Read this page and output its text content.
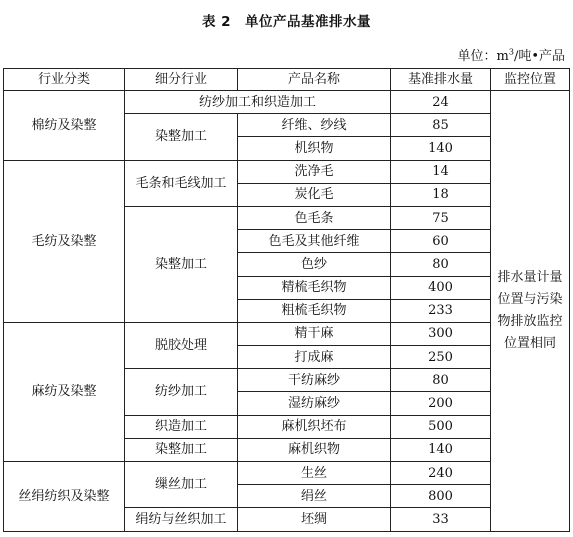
表 2 单位产品基准排水量
单位：$m^3/$吨•产品
行业分类	细分行业	产品名称	基准排水量	监控位置
棉纺及染整	纺纱加工和织造加工		24	排水量计量位置与污染物排放监控位置相同
	染整加工	纤维、纱线	85	
		机织物	140	
毛纺及染整	毛条和毛线加工	洗净毛	14	
		炭化毛	18	
	染整加工	色毛条	75	
		色毛及其他纤维	60	
		色纱	80	
		精梳毛织物	400	
		粗梳毛织物	233	
麻纺及染整	脱胶处理	精干麻	300	
		打成麻	250	
	纺纱加工	干纺麻纱	80	
		湿纺麻纱	200	
	织造加工	麻机织坯布	500	
	染整加工	麻机织物	140	
丝绢纺织及染整	缫丝加工	生丝	240	
		绢丝	800	
	绢纺与丝织加工	坯绸	33	
